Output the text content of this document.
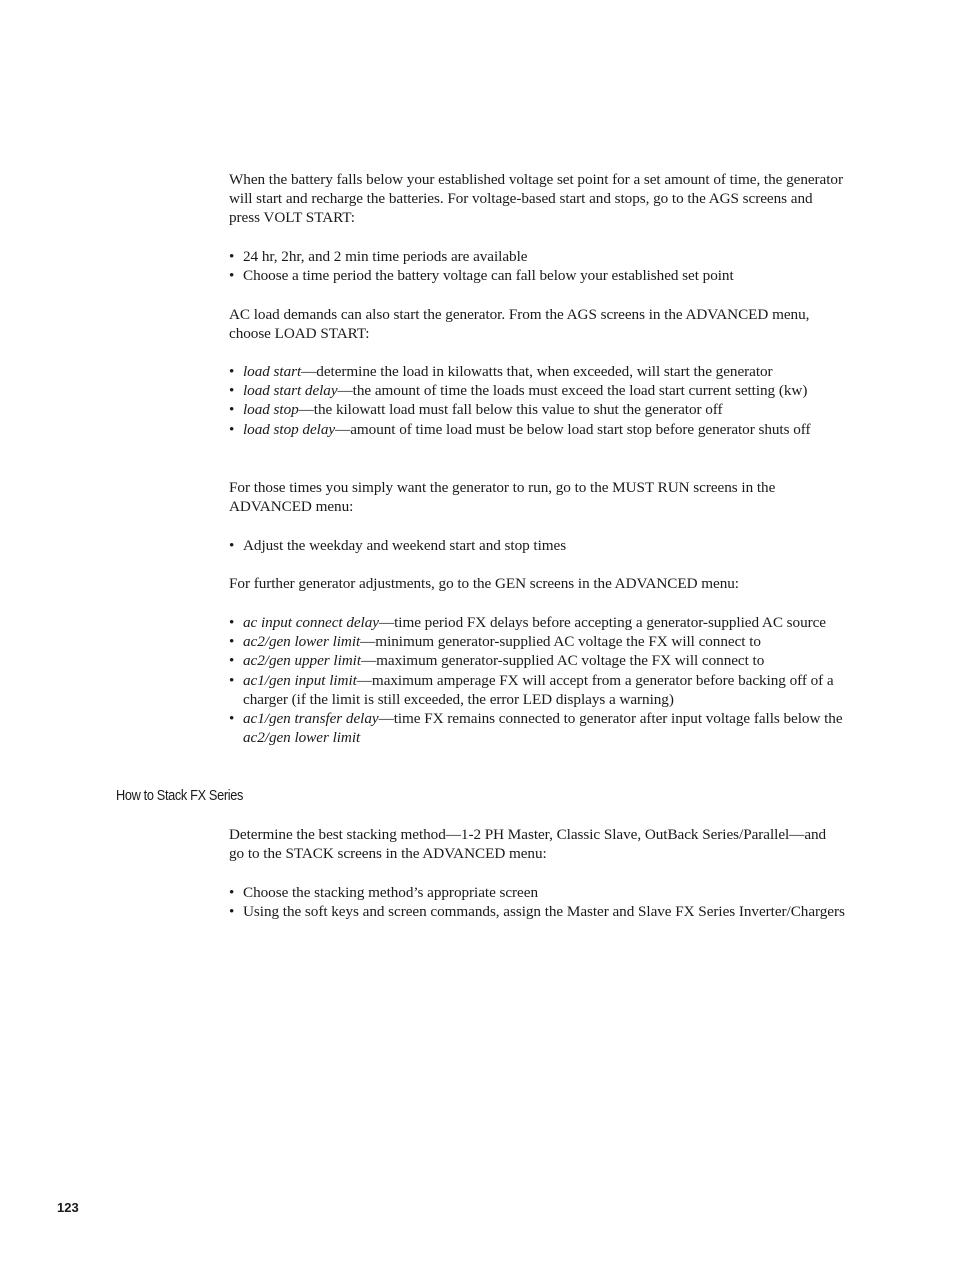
When the battery falls below your established voltage set point for a set amount of time, the generator will start and recharge the batteries. For voltage-based start and stops, go to the AGS screens and press VOLT START:

• 24 hr, 2hr, and 2 min time periods are available
• Choose a time period the battery voltage can fall below your established set point

AC load demands can also start the generator. From the AGS screens in the ADVANCED menu, choose LOAD START:

• load start—determine the load in kilowatts that, when exceeded, will start the generator
• load start delay—the amount of time the loads must exceed the load start current setting (kw)
• load stop—the kilowatt load must fall below this value to shut the generator off
• load stop delay—amount of time load must be below load start stop before generator shuts off

For those times you simply want the generator to run, go to the MUST RUN screens in the ADVANCED menu:

• Adjust the weekday and weekend start and stop times

For further generator adjustments, go to the GEN screens in the ADVANCED menu:

• ac input connect delay—time period FX delays before accepting a generator-supplied AC source
• ac2/gen lower limit—minimum generator-supplied AC voltage the FX will connect to
• ac2/gen upper limit—maximum generator-supplied AC voltage the FX will connect to
• ac1/gen input limit—maximum amperage FX will accept from a generator before backing off of a charger (if the limit is still exceeded, the error LED displays a warning)
• ac1/gen transfer delay—time FX remains connected to generator after input voltage falls below the ac2/gen lower limit
How to Stack FX Series

Determine the best stacking method—1-2 PH Master, Classic Slave, OutBack Series/Parallel—and go to the STACK screens in the ADVANCED menu:

• Choose the stacking method’s appropriate screen
• Using the soft keys and screen commands, assign the Master and Slave FX Series Inverter/Chargers

123
